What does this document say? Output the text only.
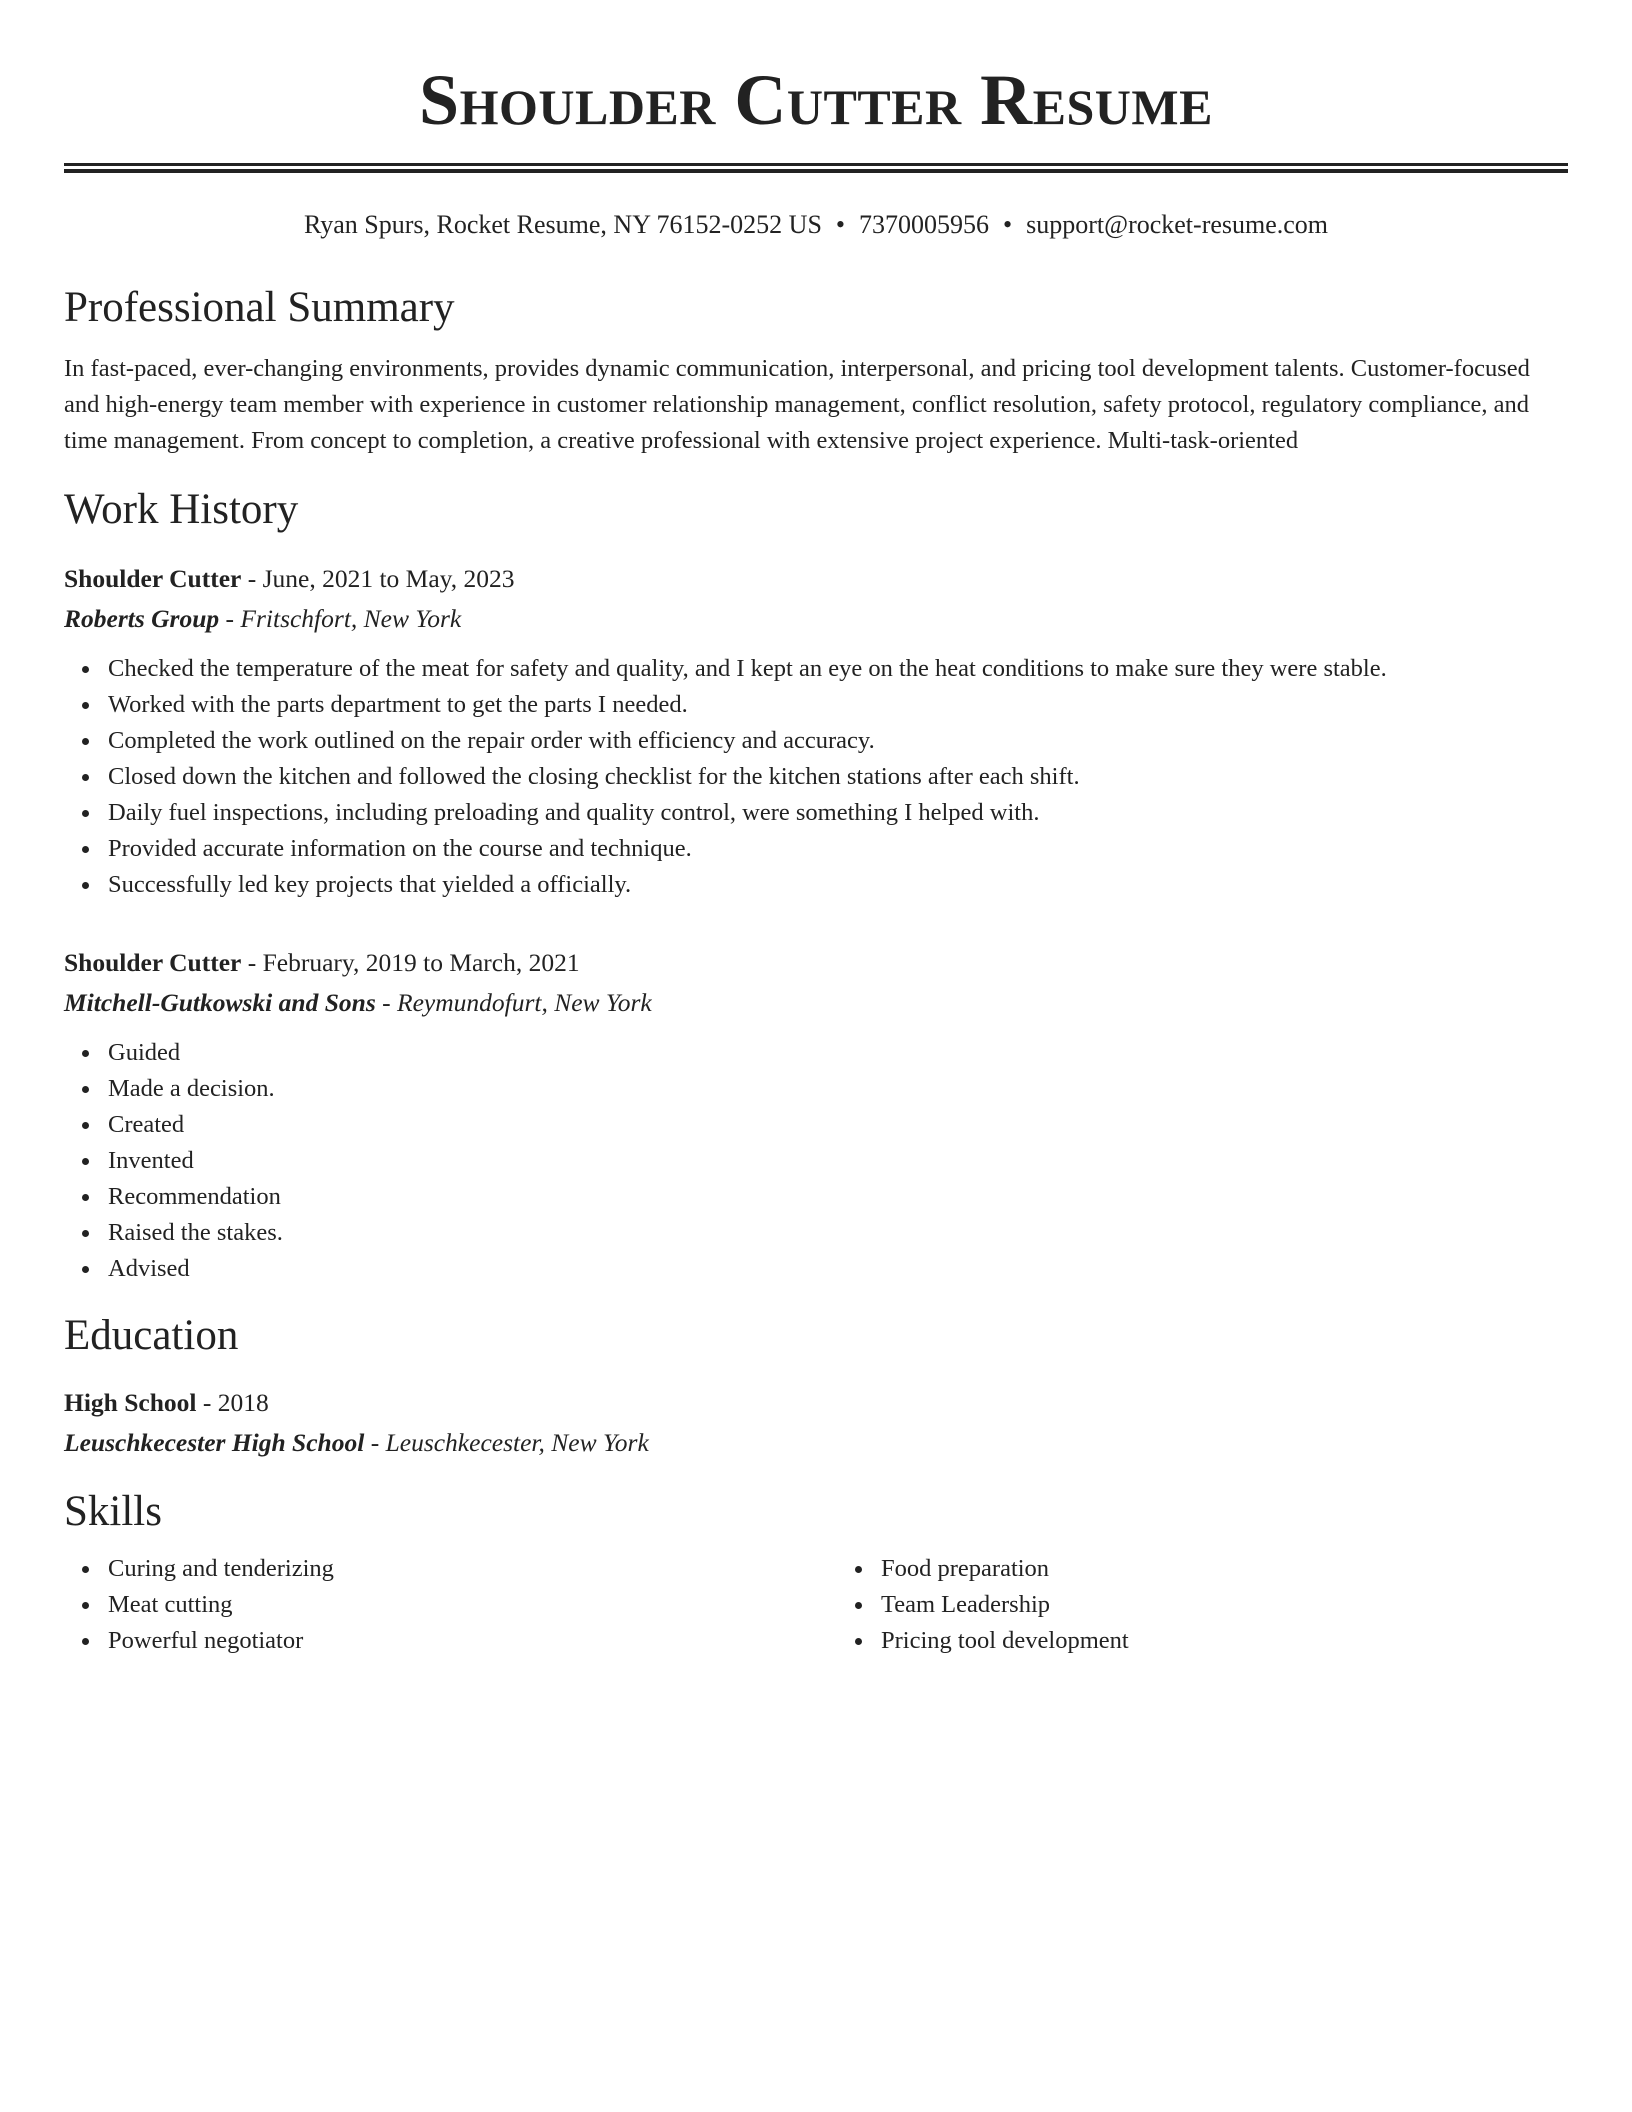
Shoulder Cutter Resume
Ryan Spurs, Rocket Resume, NY 76152-0252 US • 7370005956 • support@rocket-resume.com
Professional Summary

In fast-paced, ever-changing environments, provides dynamic communication, interpersonal, and pricing tool development talents. Customer-focused and high-energy team member with experience in customer relationship management, conflict resolution, safety protocol, regulatory compliance, and time management. From concept to completion, a creative professional with extensive project experience. Multi-task-oriented

Work History
Shoulder Cutter - June, 2021 to May, 2023
Roberts Group - Fritschfort, New York
Checked the temperature of the meat for safety and quality, and I kept an eye on the heat conditions to make sure they were stable.
Worked with the parts department to get the parts I needed.
Completed the work outlined on the repair order with efficiency and accuracy.
Closed down the kitchen and followed the closing checklist for the kitchen stations after each shift.
Daily fuel inspections, including preloading and quality control, were something I helped with.
Provided accurate information on the course and technique.
Successfully led key projects that yielded a officially.
Shoulder Cutter - February, 2019 to March, 2021
Mitchell-Gutkowski and Sons - Reymundofurt, New York
Guided
Made a decision.
Created
Invented
Recommendation
Raised the stakes.
Advised
Education
High School - 2018
Leuschkecester High School - Leuschkecester, New York
Skills
Curing and tenderizing
Meat cutting
Powerful negotiator
Food preparation
Team Leadership
Pricing tool development
